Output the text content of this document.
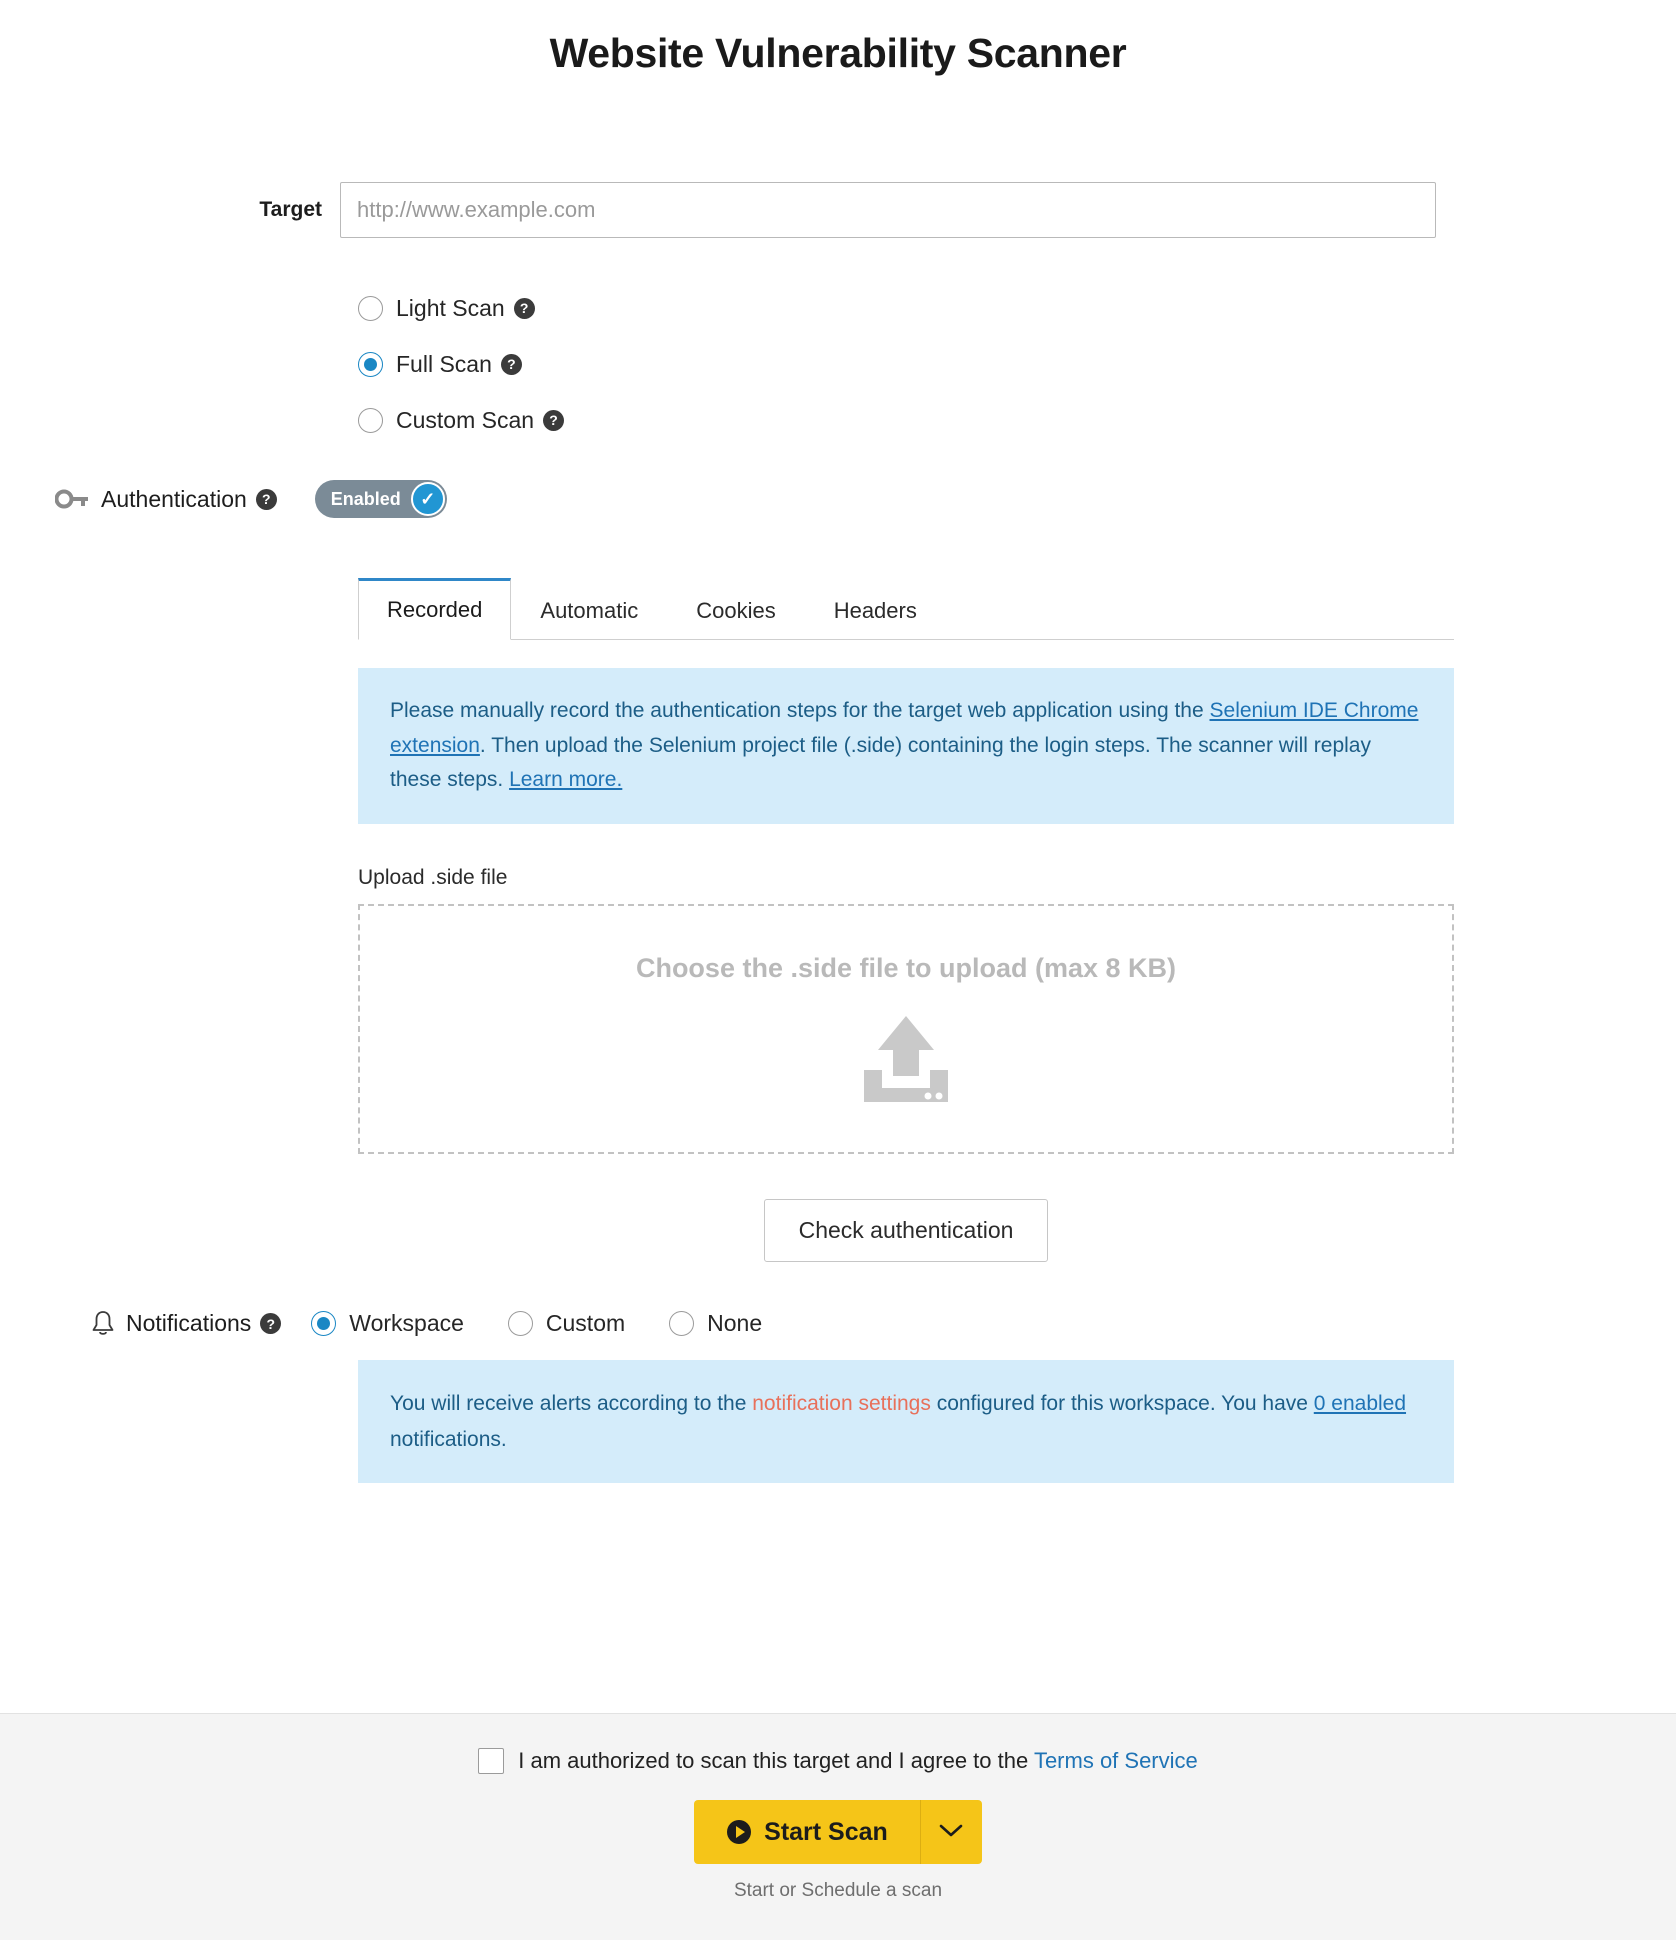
Website Vulnerability Scanner
Target
http://www.example.com
Light Scan	?
Full Scan	?
Custom Scan	?
Authentication	?	Enabled	✓
Recorded	Automatic	Cookies	Headers
Please manually record the authentication steps for the target web application using the Selenium IDE Chrome extension. Then upload the Selenium project file (.side) containing the login steps. The scanner will replay these steps. Learn more.
Upload .side file
Choose the .side file to upload (max 8 KB)
Check authentication
Notifications	?	Workspace	Custom	None
You will receive alerts according to the notification settings configured for this workspace. You have 0 enabled notifications.
I am authorized to scan this target and I agree to the Terms of Service
Start Scan
Start or Schedule a scan
